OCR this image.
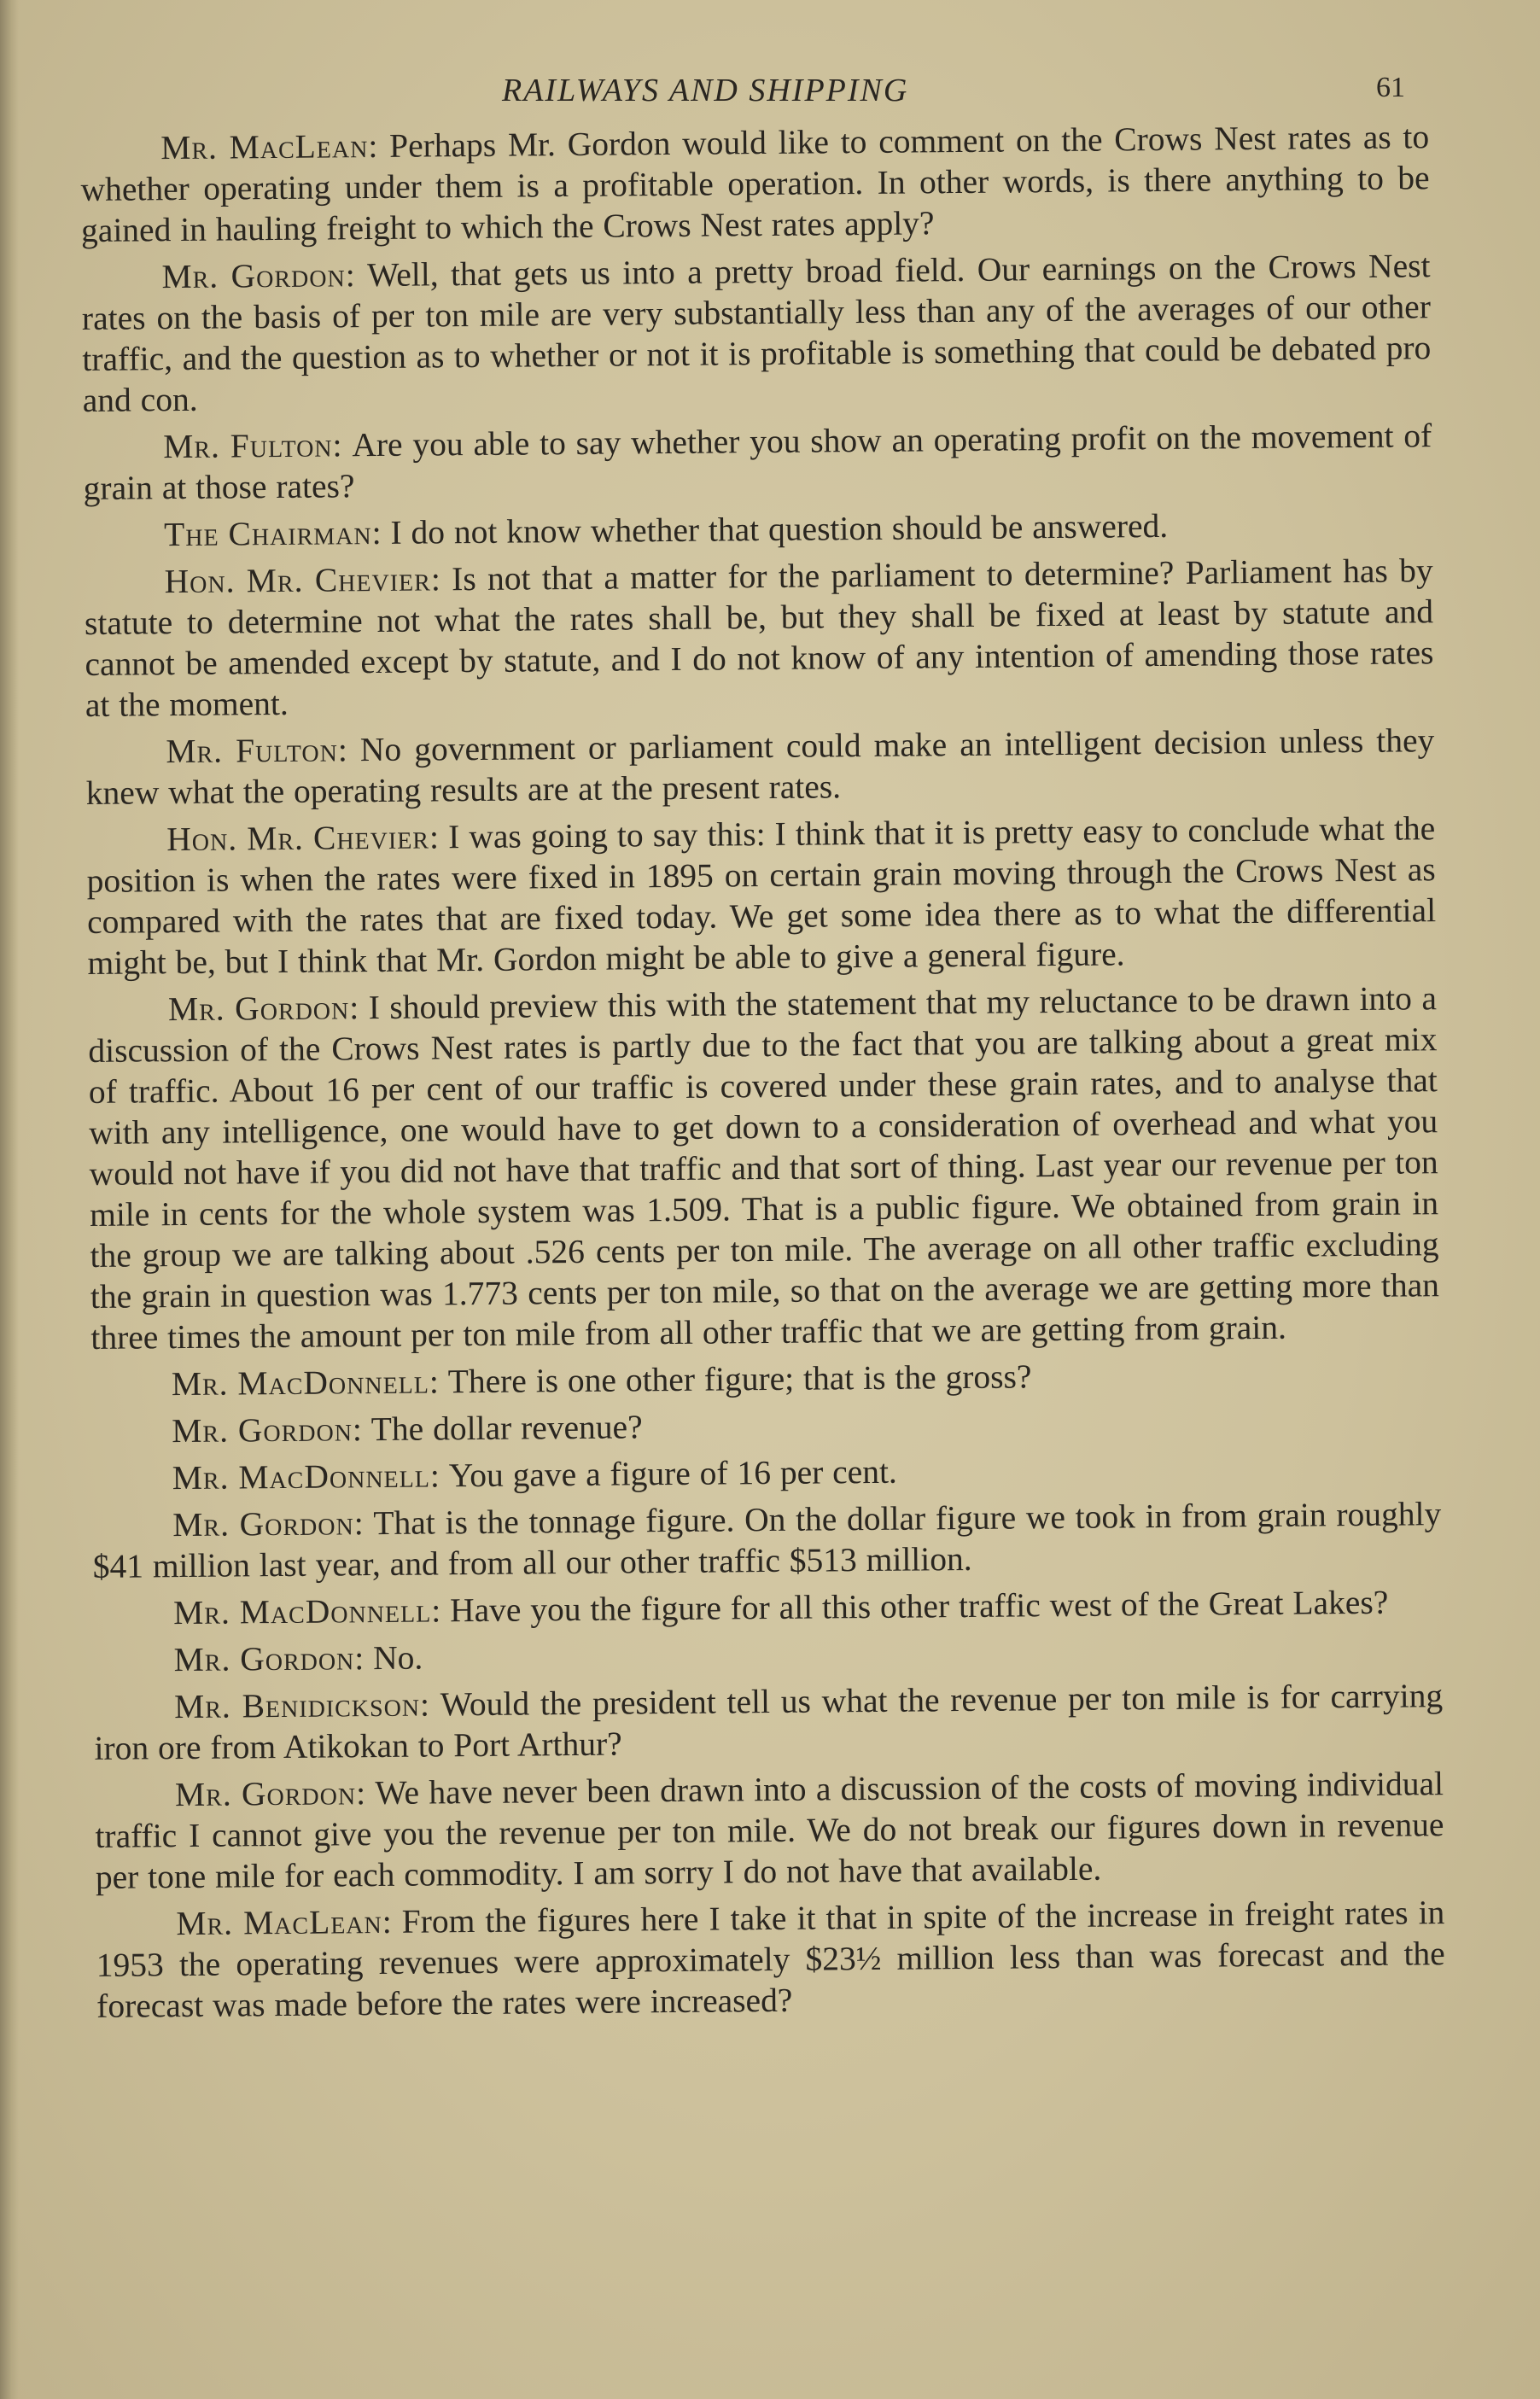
RAILWAYS AND SHIPPING	61

Mr. MacLean: Perhaps Mr. Gordon would like to comment on the Crows Nest rates as to whether operating under them is a profitable operation. In other words, is there anything to be gained in hauling freight to which the Crows Nest rates apply?

Mr. Gordon: Well, that gets us into a pretty broad field. Our earnings on the Crows Nest rates on the basis of per ton mile are very substantially less than any of the averages of our other traffic, and the question as to whether or not it is profitable is something that could be debated pro and con.

Mr. Fulton: Are you able to say whether you show an operating profit on the movement of grain at those rates?

The Chairman: I do not know whether that question should be answered.

Hon. Mr. Chevier: Is not that a matter for the parliament to determine? Parliament has by statute to determine not what the rates shall be, but they shall be fixed at least by statute and cannot be amended except by statute, and I do not know of any intention of amending those rates at the moment.

Mr. Fulton: No government or parliament could make an intelligent decision unless they knew what the operating results are at the present rates.

Hon. Mr. Chevier: I was going to say this: I think that it is pretty easy to conclude what the position is when the rates were fixed in 1895 on certain grain moving through the Crows Nest as compared with the rates that are fixed today. We get some idea there as to what the differential might be, but I think that Mr. Gordon might be able to give a general figure.

Mr. Gordon: I should preview this with the statement that my reluctance to be drawn into a discussion of the Crows Nest rates is partly due to the fact that you are talking about a great mix of traffic. About 16 per cent of our traffic is covered under these grain rates, and to analyse that with any intelligence, one would have to get down to a consideration of overhead and what you would not have if you did not have that traffic and that sort of thing. Last year our revenue per ton mile in cents for the whole system was 1.509. That is a public figure. We obtained from grain in the group we are talking about .526 cents per ton mile. The average on all other traffic excluding the grain in question was 1.773 cents per ton mile, so that on the average we are getting more than three times the amount per ton mile from all other traffic that we are getting from grain.

Mr. MacDonnell: There is one other figure; that is the gross?

Mr. Gordon: The dollar revenue?

Mr. MacDonnell: You gave a figure of 16 per cent.

Mr. Gordon: That is the tonnage figure. On the dollar figure we took in from grain roughly $41 million last year, and from all our other traffic $513 million.

Mr. MacDonnell: Have you the figure for all this other traffic west of the Great Lakes?

Mr. Gordon: No.

Mr. Benidickson: Would the president tell us what the revenue per ton mile is for carrying iron ore from Atikokan to Port Arthur?

Mr. Gordon: We have never been drawn into a discussion of the costs of moving individual traffic I cannot give you the revenue per ton mile. We do not break our figures down in revenue per tone mile for each commodity. I am sorry I do not have that available.

Mr. MacLean: From the figures here I take it that in spite of the increase in freight rates in 1953 the operating revenues were approximately $23½ million less than was forecast and the forecast was made before the rates were increased?
